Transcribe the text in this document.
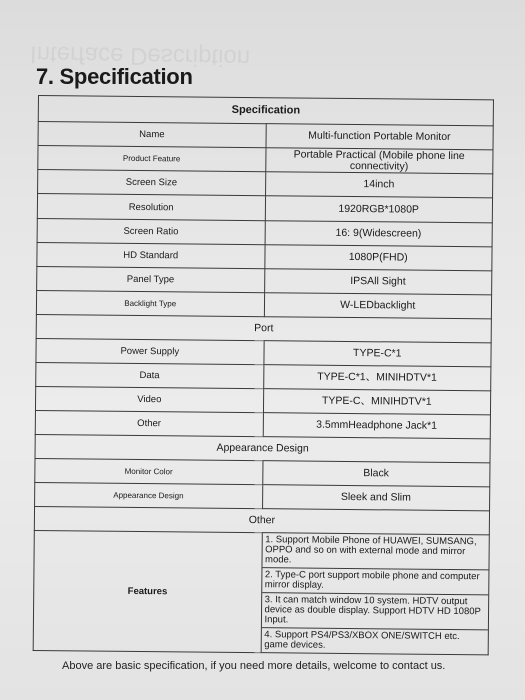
Interface Description
7. Specification
Specification	
Name	Multi-function Portable Monitor
Product Feature	Portable Practical (Mobile phone line connectivity)
Screen Size	14inch
Resolution	1920RGB*1080P
Screen Ratio	16: 9(Widescreen)
HD Standard	1080P(FHD)
Panel Type	IPSAll Sight
Backlight Type	W-LEDbacklight
Port	
Power Supply	TYPE-C*1
Data	TYPE-C*1、MINIHDTV*1
Video	TYPE-C、MINIHDTV*1
Other	3.5mmHeadphone Jack*1
Appearance Design	
Monitor Color	Black
Appearance Design	Sleek and Slim
Other	
Features	1. Support Mobile Phone of HUAWEI, SUMSANG, OPPO and so on with external mode and mirror mode.
2. Type-C port support mobile phone and computer mirror display.
3. It can match window 10 system. HDTV output device as double display. Support HDTV HD 1080P Input.
4. Support PS4/PS3/XBOX ONE/SWITCH etc. game devices.
Above are basic specification, if you need more details, welcome to contact us.
